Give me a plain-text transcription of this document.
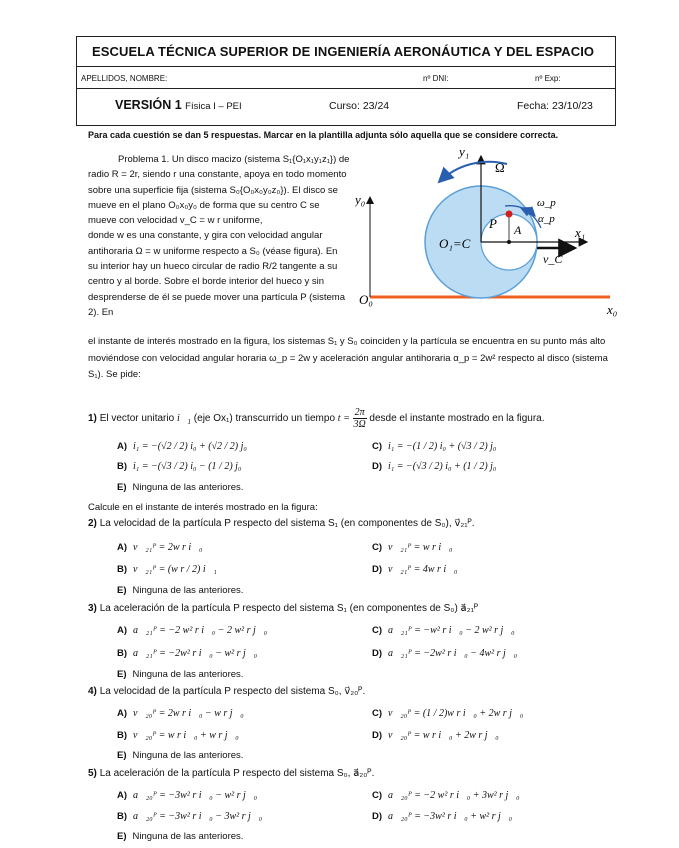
ESCUELA TÉCNICA SUPERIOR DE INGENIERÍA AERONÁUTICA Y DEL ESPACIO
APELLIDOS, NOMBRE:	nº DNI:	nº Exp:
VERSIÓN 1 Física I – PEI	Curso: 23/24	Fecha: 23/10/23
Para cada cuestión se dan 5 respuestas. Marcar en la plantilla adjunta sólo aquella que se considere correcta.

Problema 1. Un disco macizo (sistema S₁{O₁x₁y₁z₁}) de radio R = 2r, siendo r una constante, apoya en todo momento sobre una superficie fija (sistema S₀{O₀x₀y₀z₀}). El disco se mueve en el plano O₀x₀y₀ de forma que su centro C se mueve con velocidad v_C = w r uniforme,

donde w es una constante, y gira con velocidad angular antihoraria Ω = w uniforme respecto a S₀ (véase figura). En su interior hay un hueco circular de radio R/2 tangente a su centro y al borde. Sobre el borde interior del hueco y sin desprenderse de él se puede mover una partícula P (sistema 2). En

y₁
y₀
Ω
ω_p
α_p
P A	x₁
O₁=C
v_C
O₀
x₀
el instante de interés mostrado en la figura, los sistemas S₁ y S₀ coinciden y la partícula se encuentra en su punto más alto moviéndose con velocidad angular horaria ω_p = 2w y aceleración angular antihoraria α_p = 2w² respecto al disco (sistema S₁). Se pide:
1) El vector unitario $i⃗_1$ (eje Ox₁) transcurrido un tiempo $t = \frac{2\pi}{3\Omega}$ desde el instante mostrado en la figura.
A) i₁ = −(√2 / 2) i₀ + (√2 / 2) j₀	C) i₁ = −(1 / 2) i₀ + (√3 / 2) j₀
B) i₁ = −(√3 / 2) i₀ − (1 / 2) j₀	D) i₁ = −(√3 / 2) i₀ + (1 / 2) j₀
E) Ninguna de las anteriores.
Calcule en el instante de interés mostrado en la figura:
2) La velocidad de la partícula P respecto del sistema S₁ (en componentes de S₀), v⃗₂₁ᴾ.
A) v⃗₂₁ᴾ = 2w r i⃗₀	C) v⃗₂₁ᴾ = w r i⃗₀
B) v⃗₂₁ᴾ = (w r / 2) i⃗₁	D) v⃗₂₁ᴾ = 4w r i⃗₀
E) Ninguna de las anteriores.
3) La aceleración de la partícula P respecto del sistema S₁ (en componentes de S₀) a⃗₂₁ᴾ
A) a⃗₂₁ᴾ = −2 w² r i⃗₀ − 2 w² r j⃗₀	C) a⃗₂₁ᴾ = −w² r i⃗₀ − 2 w² r j⃗₀
B) a⃗₂₁ᴾ = −2w² r i⃗₀ − w² r j⃗₀	D) a⃗₂₁ᴾ = −2w² r i⃗₀ − 4w² r j⃗₀
E) Ninguna de las anteriores.
4) La velocidad de la partícula P respecto del sistema S₀, v⃗₂₀ᴾ.
A) v⃗₂₀ᴾ = 2w r i⃗₀ − w r j⃗₀	C) v⃗₂₀ᴾ = (1 / 2)w r i⃗₀ + 2w r j⃗₀
B) v⃗₂₀ᴾ = w r i⃗₀ + w r j⃗₀	D) v⃗₂₀ᴾ = w r i⃗₀ + 2w r j⃗₀
E) Ninguna de las anteriores.
5) La aceleración de la partícula P respecto del sistema S₀, a⃗₂₀ᴾ.
A) a⃗₂₀ᴾ = −3w² r i⃗₀ − w² r j⃗₀	C) a⃗₂₀ᴾ = −2 w² r i⃗₀ + 3w² r j⃗₀
B) a⃗₂₀ᴾ = −3w² r i⃗₀ − 3w² r j⃗₀	D) a⃗₂₀ᴾ = −3w² r i⃗₀ + w² r j⃗₀
E) Ninguna de las anteriores.
